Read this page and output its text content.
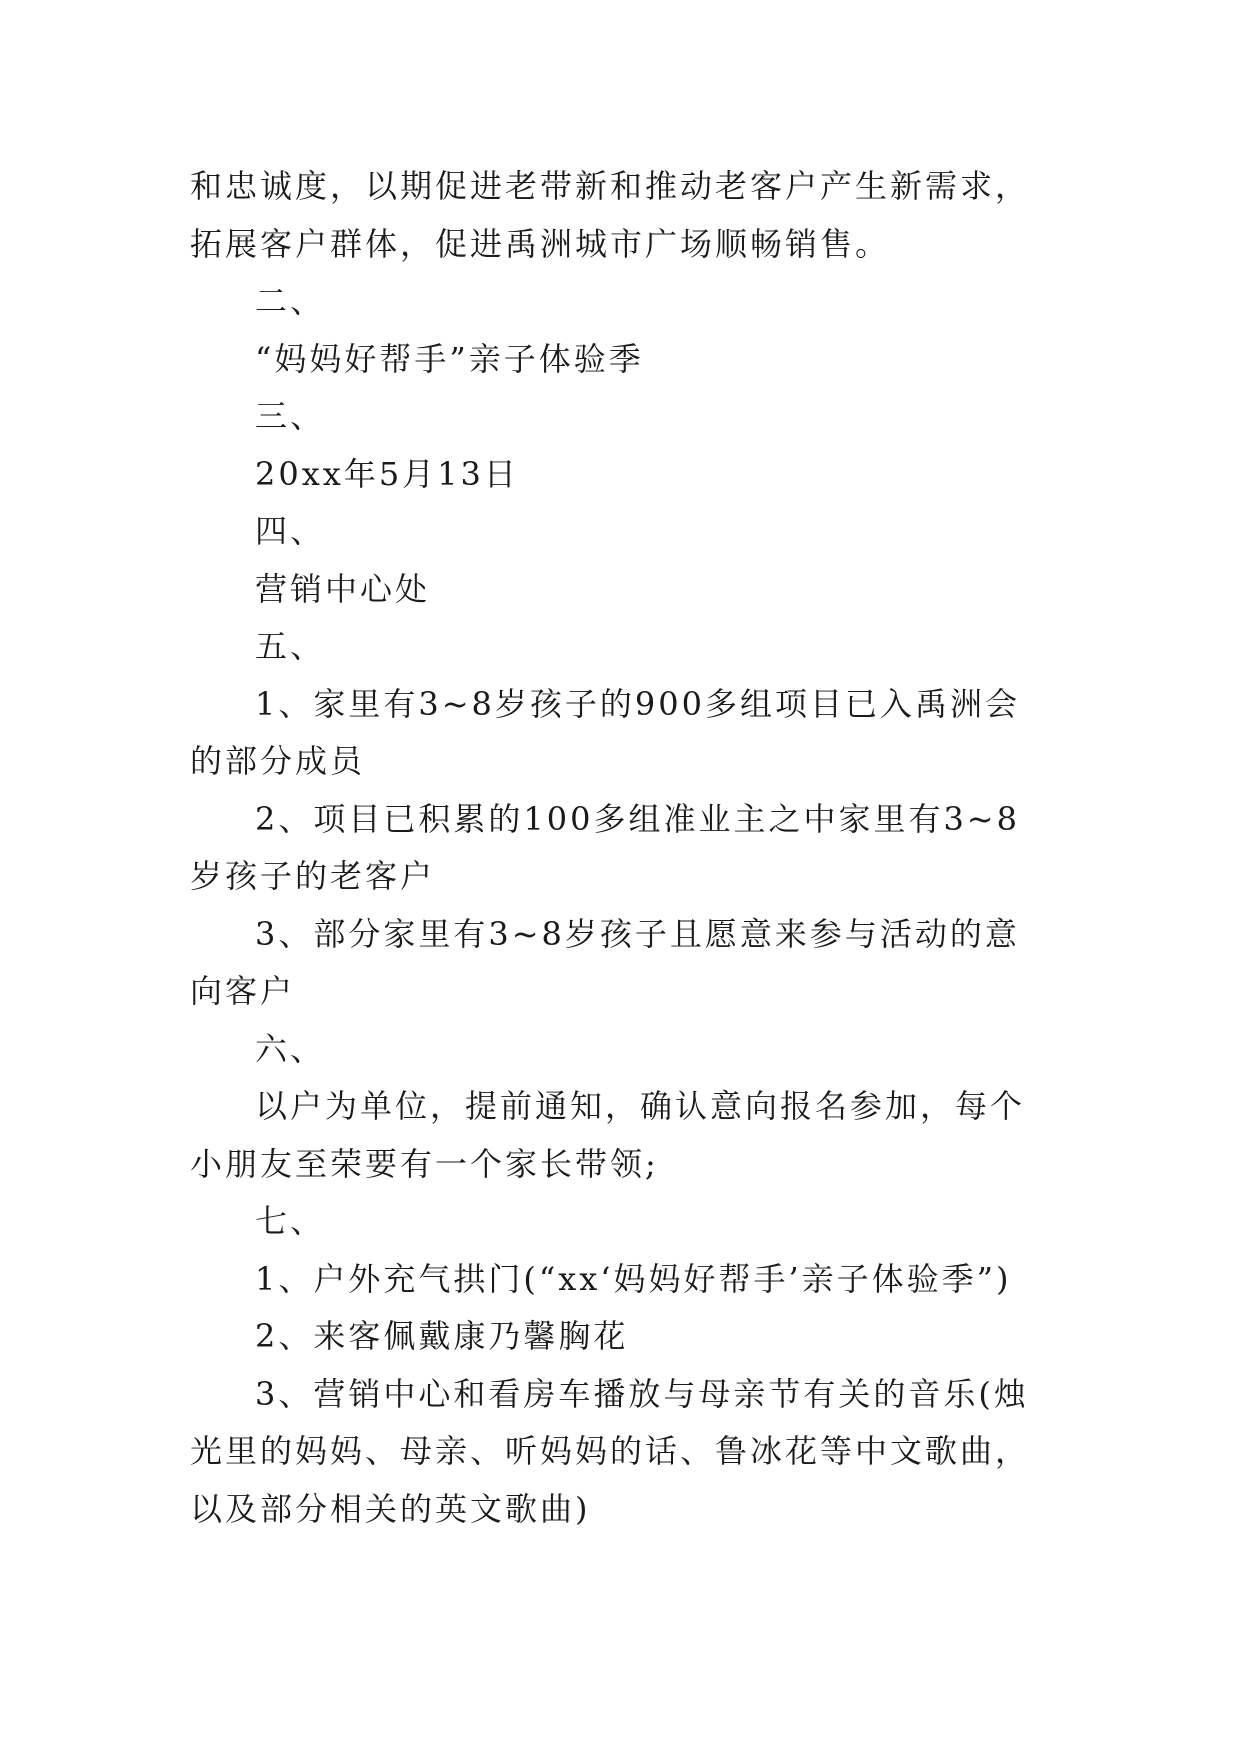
和忠诚度，以期促进老带新和推动老客户产生新需求，拓展客户群体，促进禹洲城市广场顺畅销售。

二、

“妈妈好帮手”亲子体验季

三、

20xx年5月13日

四、

营销中心处

五、

1、家里有3~8岁孩子的900多组项目已入禹洲会的部分成员

2、项目已积累的100多组准业主之中家里有3~8岁孩子的老客户

3、部分家里有3~8岁孩子且愿意来参与活动的意向客户

六、

以户为单位，提前通知，确认意向报名参加，每个小朋友至荣要有一个家长带领;

七、

1、户外充气拱门(“xx‘妈妈好帮手’亲子体验季”)

2、来客佩戴康乃馨胸花

3、营销中心和看房车播放与母亲节有关的音乐(烛光里的妈妈、母亲、听妈妈的话、鲁冰花等中文歌曲，以及部分相关的英文歌曲)
